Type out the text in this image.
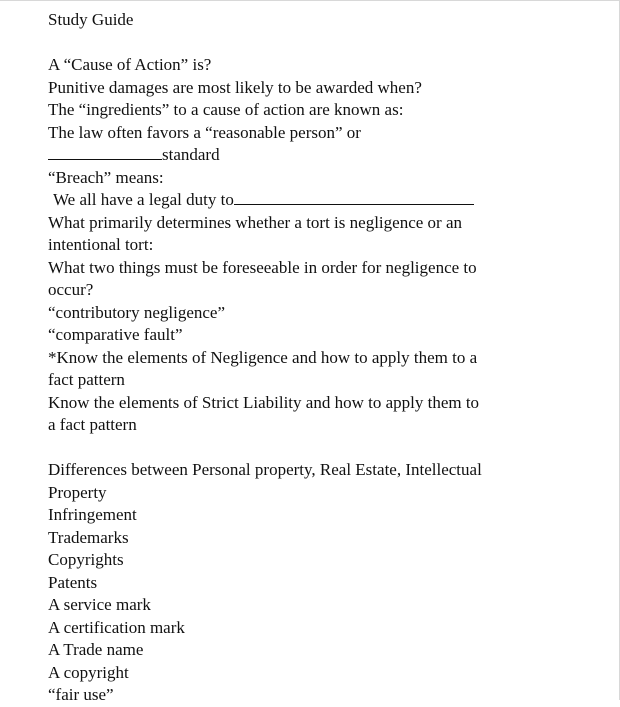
Study Guide
A “Cause of Action” is?
Punitive damages are most likely to be awarded when?
The “ingredients” to a cause of action are known as:
The law often favors a “reasonable person” or
standard
“Breach” means:
We all have a legal duty to
What primarily determines whether a tort is negligence or an
intentional tort:
What two things must be foreseeable in order for negligence to
occur?
“contributory negligence”
“comparative fault”
*Know the elements of Negligence and how to apply them to a
fact pattern
Know the elements of Strict Liability and how to apply them to
a fact pattern
Differences between Personal property, Real Estate, Intellectual
Property
Infringement
Trademarks
Copyrights
Patents
A service mark
A certification mark
A Trade name
A copyright
“fair use”
